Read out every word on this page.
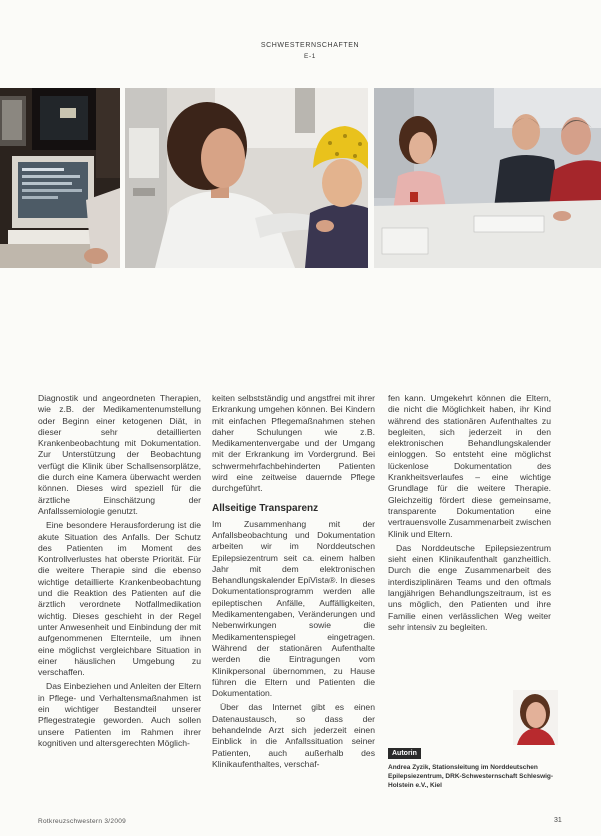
SCHWESTERNSCHAFTEN
E-1

Diagnostik und angeordneten Therapien, wie z.B. der Medikamentenumstellung oder Beginn einer ketogenen Diät, in dieser sehr detaillierten Krankenbeobachtung mit Dokumentation. Zur Unterstützung der Beobachtung verfügt die Klinik über Schallsensorplätze, die durch eine Kamera überwacht werden können. Dieses wird speziell für die ärztliche Einschätzung der Anfallssemiologie genutzt.

Eine besondere Herausforderung ist die akute Situation des Anfalls. Der Schutz des Patienten im Moment des Kontrollverlustes hat oberste Priorität. Für die weitere Therapie sind die ebenso wichtige detaillierte Krankenbeobachtung und die Reaktion des Patienten auf die ärztlich verordnete Notfallmedikation wichtig. Dieses geschieht in der Regel unter Anwesenheit und Einbindung der mit aufgenommenen Elternteile, um ihnen eine möglichst vergleichbare Situation in einer häuslichen Umgebung zu verschaffen.

Das Einbeziehen und Anleiten der Eltern in Pflege- und Verhaltensmaßnahmen ist ein wichtiger Bestandteil unserer Pflegestrategie geworden. Auch sollen unsere Patienten im Rahmen ihrer kognitiven und altersgerechten Möglich-

keiten selbstständig und angstfrei mit ihrer Erkrankung umgehen können. Bei Kindern mit einfachen Pflegemaßnahmen stehen daher Schulungen wie z.B. Medikamentenvergabe und der Umgang mit der Erkrankung im Vordergrund. Bei schwermehrfachbehinderten Patienten wird eine zeitweise dauernde Pflege durchgeführt.

Allseitige Transparenz

Im Zusammenhang mit der Anfallsbeobachtung und Dokumentation arbeiten wir im Norddeutschen Epilepsiezentrum seit ca. einem halben Jahr mit dem elektronischen Behandlungskalender EpiVista®. In dieses Dokumentationsprogramm werden alle epileptischen Anfälle, Auffälligkeiten, Medikamentengaben, Veränderungen und Nebenwirkungen sowie die Medikamentenspiegel eingetragen. Während der stationären Aufenthalte werden die Eintragungen vom Klinikpersonal übernommen, zu Hause führen die Eltern und Patienten die Dokumentation.

Über das Internet gibt es einen Datenaustausch, so dass der behandelnde Arzt sich jederzeit einen Einblick in die Anfallssituation seiner Patienten, auch außerhalb des Klinikaufenthaltes, verschaf-

fen kann. Umgekehrt können die Eltern, die nicht die Möglichkeit haben, ihr Kind während des stationären Aufenthaltes zu begleiten, sich jederzeit in den elektronischen Behandlungskalender einloggen. So entsteht eine möglichst lückenlose Dokumentation des Krankheitsverlaufes – eine wichtige Grundlage für die weitere Therapie. Gleichzeitig fördert diese gemeinsame, transparente Dokumentation eine vertrauensvolle Zusammenarbeit zwischen Klinik und Eltern.

Das Norddeutsche Epilepsiezentrum sieht einen Klinikaufenthalt ganzheitlich. Durch die enge Zusammenarbeit des interdisziplinären Teams und den oftmals langjährigen Behandlungszeitraum, ist es uns möglich, den Patienten und ihre Familie einen verlässlichen Weg weiter sehr intensiv zu begleiten.

Autorin
Andrea Zyzik, Stationsleitung im Norddeutschen Epilepsiezentrum, DRK-Schwesternschaft Schleswig-Holstein e.V., Kiel
Rotkreuzschwestern 3/2009	31
